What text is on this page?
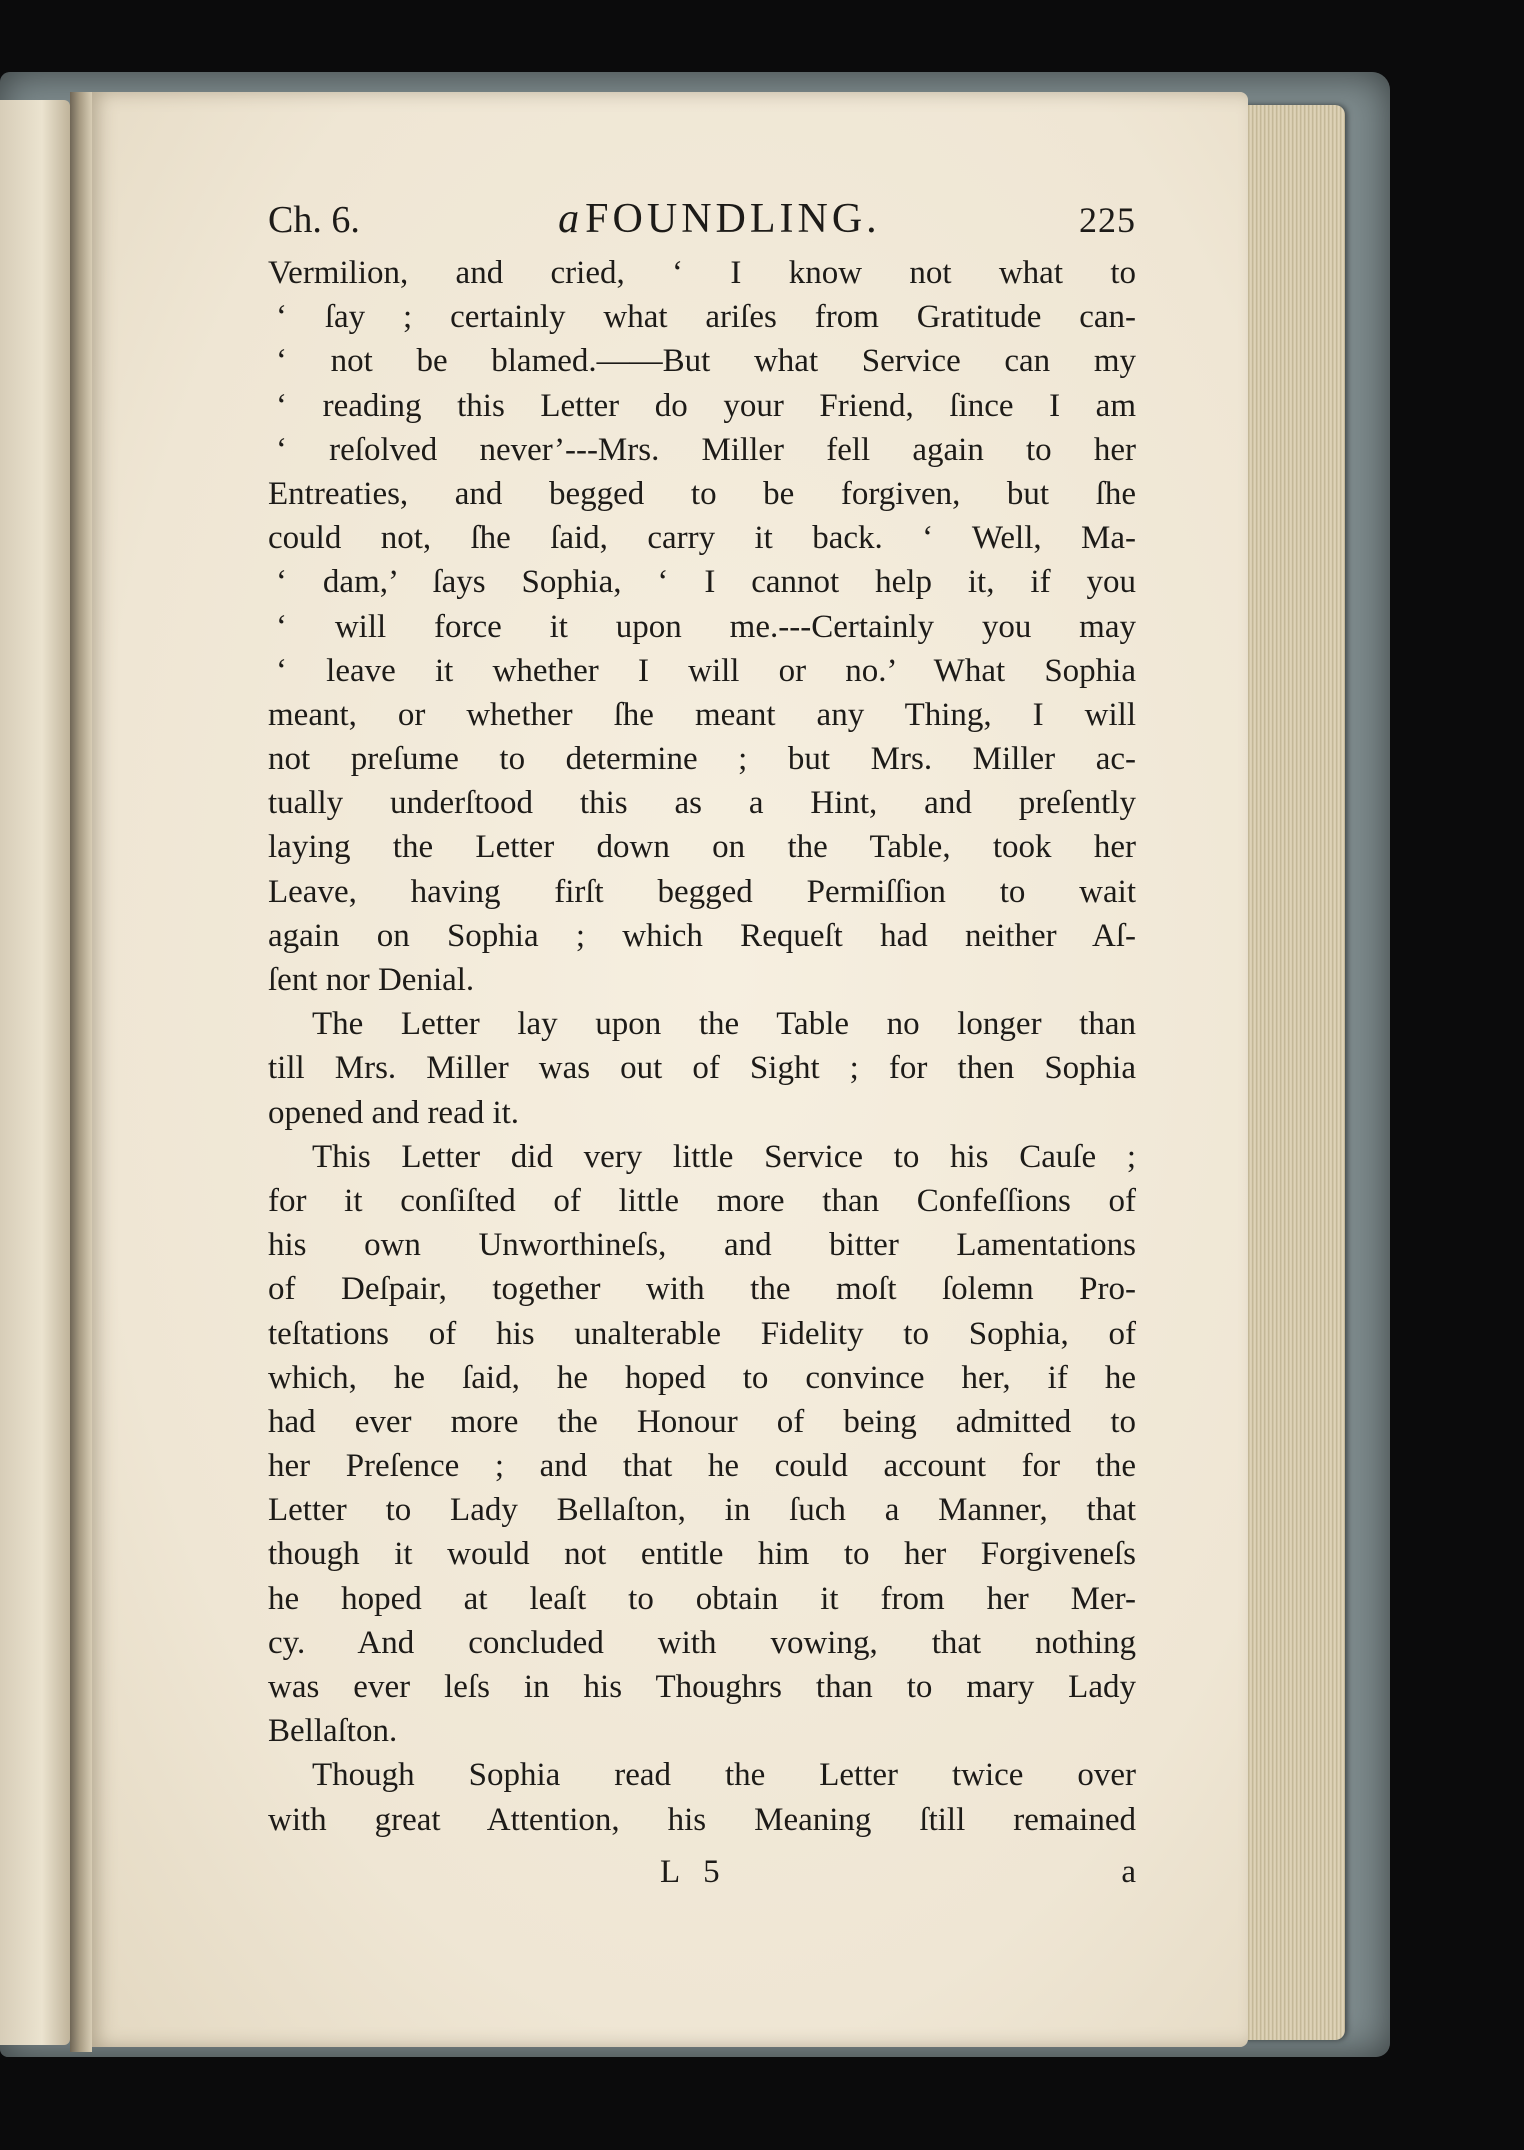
Ch. 6.	a FOUNDLING.	225
Vermilion, and cried, ‘ I know not what to
‘ ſay ; certainly what ariſes from Gratitude can-
‘ not be blamed.——But what Service can my
‘ reading this Letter do your Friend, ſince I am
‘ reſolved never’---Mrs. Miller fell again to her
Entreaties, and begged to be forgiven, but ſhe
could not, ſhe ſaid, carry it back. ‘ Well, Ma-
‘ dam,’ ſays Sophia, ‘ I cannot help it, if you
‘ will force it upon me.---Certainly you may
‘ leave it whether I will or no.’ What Sophia
meant, or whether ſhe meant any Thing, I will
not preſume to determine ; but Mrs. Miller ac-
tually underſtood this as a Hint, and preſently
laying the Letter down on the Table, took her
Leave, having firſt begged Permiſſion to wait
again on Sophia ; which Requeſt had neither Aſ-
ſent nor Denial.
The Letter lay upon the Table no longer than
till Mrs. Miller was out of Sight ; for then Sophia
opened and read it.
This Letter did very little Service to his Cauſe ;
for it conſiſted of little more than Confeſſions of
his own Unworthineſs, and bitter Lamentations
of Deſpair, together with the moſt ſolemn Pro-
teſtations of his unalterable Fidelity to Sophia, of
which, he ſaid, he hoped to convince her, if he
had ever more the Honour of being admitted to
her Preſence ; and that he could account for the
Letter to Lady Bellaſton, in ſuch a Manner, that
though it would not entitle him to her Forgiveneſs
he hoped at leaſt to obtain it from her Mer-
cy. And concluded with vowing, that nothing
was ever leſs in his Thoughrs than to mary Lady
Bellaſton.
Though Sophia read the Letter twice over
with great Attention, his Meaning ſtill remained
L 5	a
